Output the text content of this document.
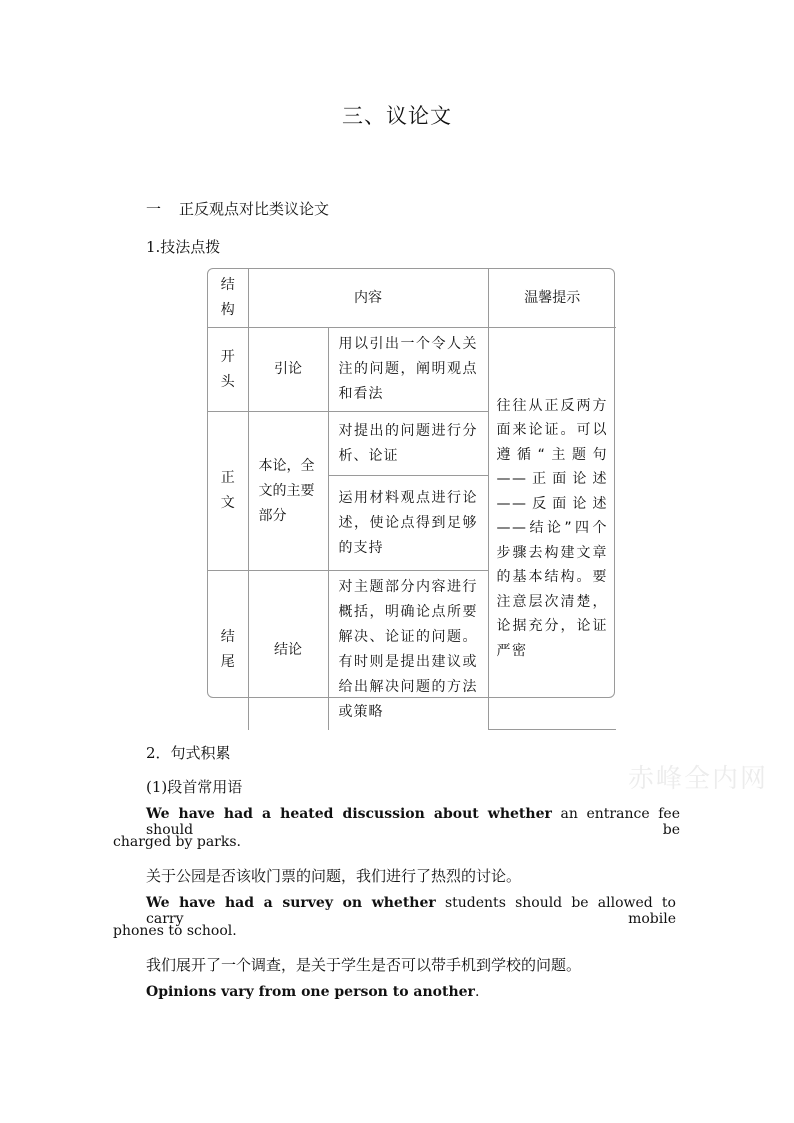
三、议论文
一 正反观点对比类议论文
1.技法点拨
结构	内容		温馨提示
开头	引论	用以引出一个令人关注的问题，阐明观点和看法	往往从正反两方面来论证。可以遵循“主题句——正面论述——反面论述——结论”四个步骤去构建文章的基本结构。要注意层次清楚，论据充分，论证严密
正文	本论，全文的主要部分	对提出的问题进行分析、论证	
		运用材料观点进行论述，使论点得到足够的支持	
结尾	结论	对主题部分内容进行概括，明确论点所要解决、论证的问题。有时则是提出建议或给出解决问题的方法或策略	
2．句式积累
(1)段首常用语	赤峰全内网
We have had a heated discussion about whether an entrance fee should be
charged by parks.
关于公园是否该收门票的问题，我们进行了热烈的讨论。
We have had a survey on whether students should be allowed to carry mobile
phones to school.
我们展开了一个调查，是关于学生是否可以带手机到学校的问题。
Opinions vary from one person to another.
